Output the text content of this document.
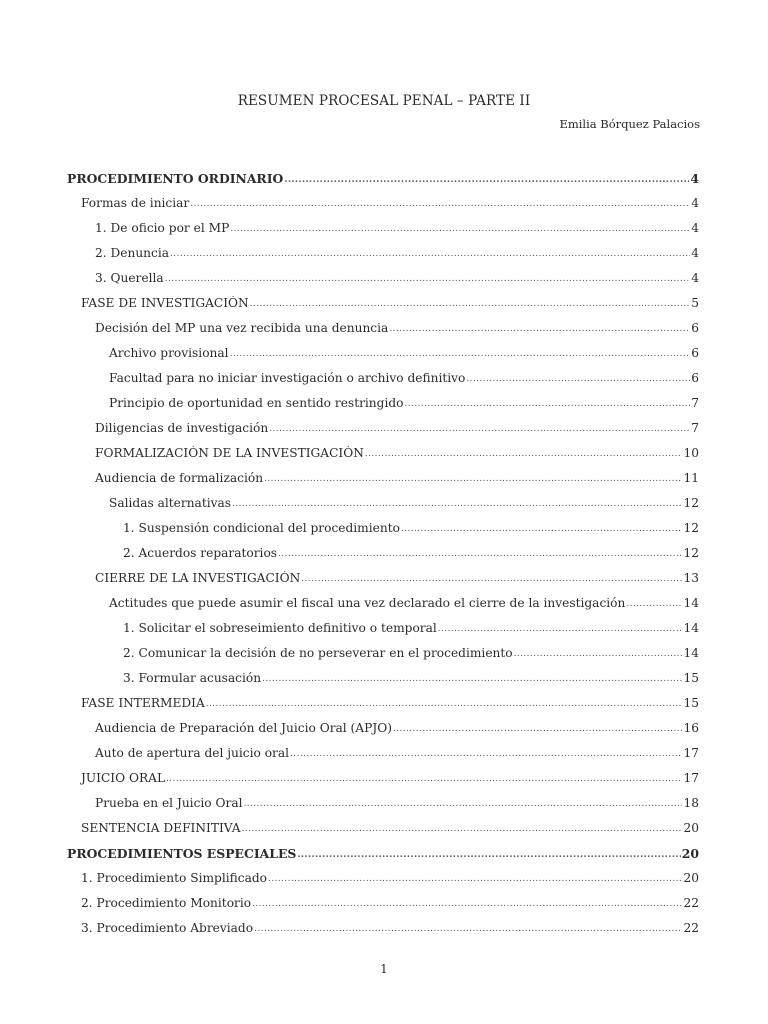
RESUMEN PROCESAL PENAL – PARTE II
Emilia Bórquez Palacios
PROCEDIMIENTO ORDINARIO .....	4
Formas de iniciar .....	4
1. De oficio por el MP .....	4
2. Denuncia .....	4
3. Querella .....	4
FASE DE INVESTIGACIÓN .....	5
Decisión del MP una vez recibida una denuncia .....	6
Archivo provisional .....	6
Facultad para no iniciar investigación o archivo definitivo .....	6
Principio de oportunidad en sentido restringido .....	7
Diligencias de investigación .....	7
FORMALIZACIÓN DE LA INVESTIGACIÓN .....	10
Audiencia de formalización .....	11
Salidas alternativas .....	12
1. Suspensión condicional del procedimiento .....	12
2. Acuerdos reparatorios .....	12
CIERRE DE LA INVESTIGACIÓN .....	13
Actitudes que puede asumir el fiscal una vez declarado el cierre de la investigación .....	14
1. Solicitar el sobreseimiento definitivo o temporal .....	14
2. Comunicar la decisión de no perseverar en el procedimiento .....	14
3. Formular acusación .....	15
FASE INTERMEDIA .....	15
Audiencia de Preparación del Juicio Oral (APJO) .....	16
Auto de apertura del juicio oral .....	17
JUICIO ORAL .....	17
Prueba en el Juicio Oral .....	18
SENTENCIA DEFINITIVA .....	20
PROCEDIMIENTOS ESPECIALES .....	20
1. Procedimiento Simplificado .....	20
2. Procedimiento Monitorio .....	22
3. Procedimiento Abreviado .....	22
1
